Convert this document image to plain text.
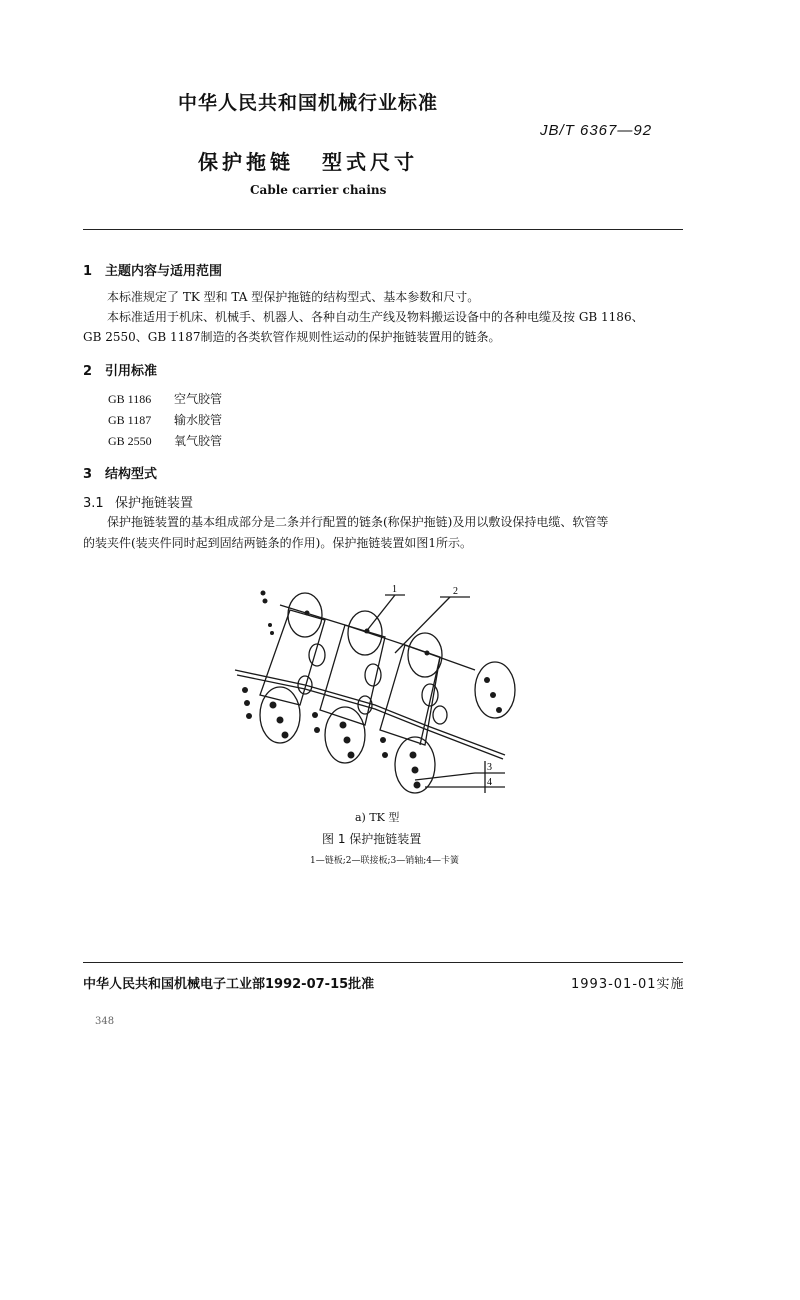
中华人民共和国机械行业标准
JB/T 6367—92
保护拖链 型式尺寸
Cable carrier chains
1 主题内容与适用范围
本标准规定了 TK 型和 TA 型保护拖链的结构型式、基本参数和尺寸。
本标准适用于机床、机械手、机器人、各种自动生产线及物料搬运设备中的各种电缆及按 GB 1186、
GB 2550、GB 1187制造的各类软管作规则性运动的保护拖链装置用的链条。
2 引用标准
GB 1186 空气胶管
GB 1187 输水胶管
GB 2550 氧气胶管
3 结构型式
3.1 保护拖链装置
保护拖链装置的基本组成部分是二条并行配置的链条(称保护拖链)及用以敷设保持电缆、软管等
的装夹件(装夹件同时起到固结两链条的作用)。保护拖链装置如图1所示。
1	2
3
4
a) TK 型
图 1 保护拖链装置
1—链板;2—联接板;3—销轴;4—卡簧
中华人民共和国机械电子工业部1992-07-15批准	1993-01-01实施
348
